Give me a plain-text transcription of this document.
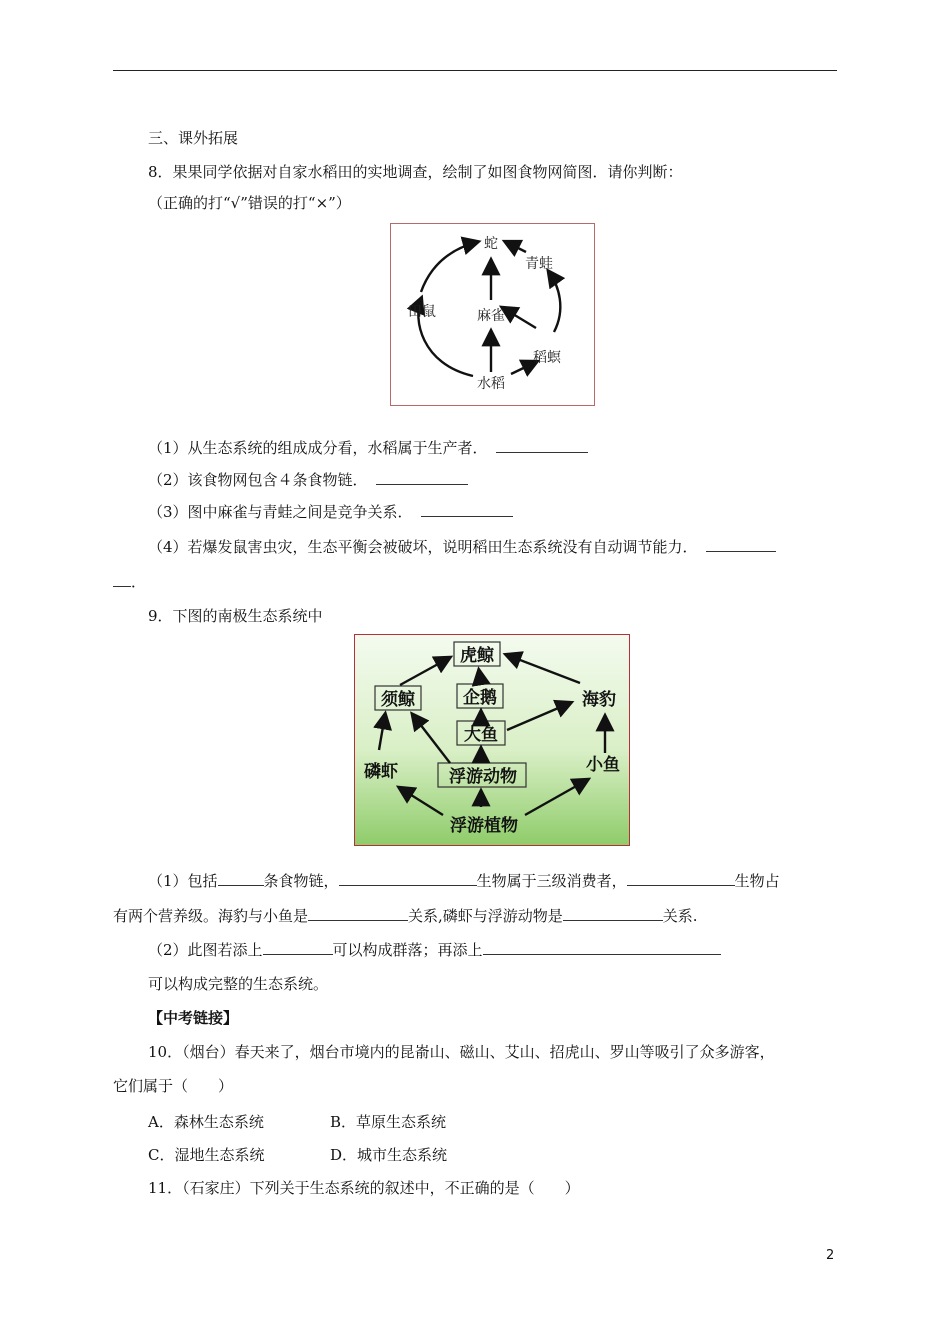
三、课外拓展
8．果果同学依据对自家水稻田的实地调查，绘制了如图食物网简图．请你判断：
（正确的打“√”错误的打“×”）
蛇
青蛙
田鼠	麻雀
稻螟
水稻
（1）从生态系统的组成成分看，水稻属于生产者．
（2）该食物网包含４条食物链．
（3）图中麻雀与青蛙之间是竞争关系．
（4）若爆发鼠害虫灾，生态平衡会被破坏，说明稻田生态系统没有自动调节能力．
．
9．下图的南极生态系统中
虎鲸
须鲸	企鹅	海豹
大鱼
磷虾	浮游动物
小鱼
浮游植物
（1）包括	条食物链，	生物属于三级消费者，	生物占
有两个营养级。海豹与小鱼是	关系,磷虾与浮游动物是	关系.
（2）此图若添上	可以构成群落；再添上
可以构成完整的生态系统。
【中考链接】
10．（烟台）春天来了，烟台市境内的昆嵛山、磁山、艾山、招虎山、罗山等吸引了众多游客，
它们属于（　　）
A．森林生态系统	B．草原生态系统
C．湿地生态系统	D．城市生态系统
11．（石家庄）下列关于生态系统的叙述中，不正确的是（　　）
2
